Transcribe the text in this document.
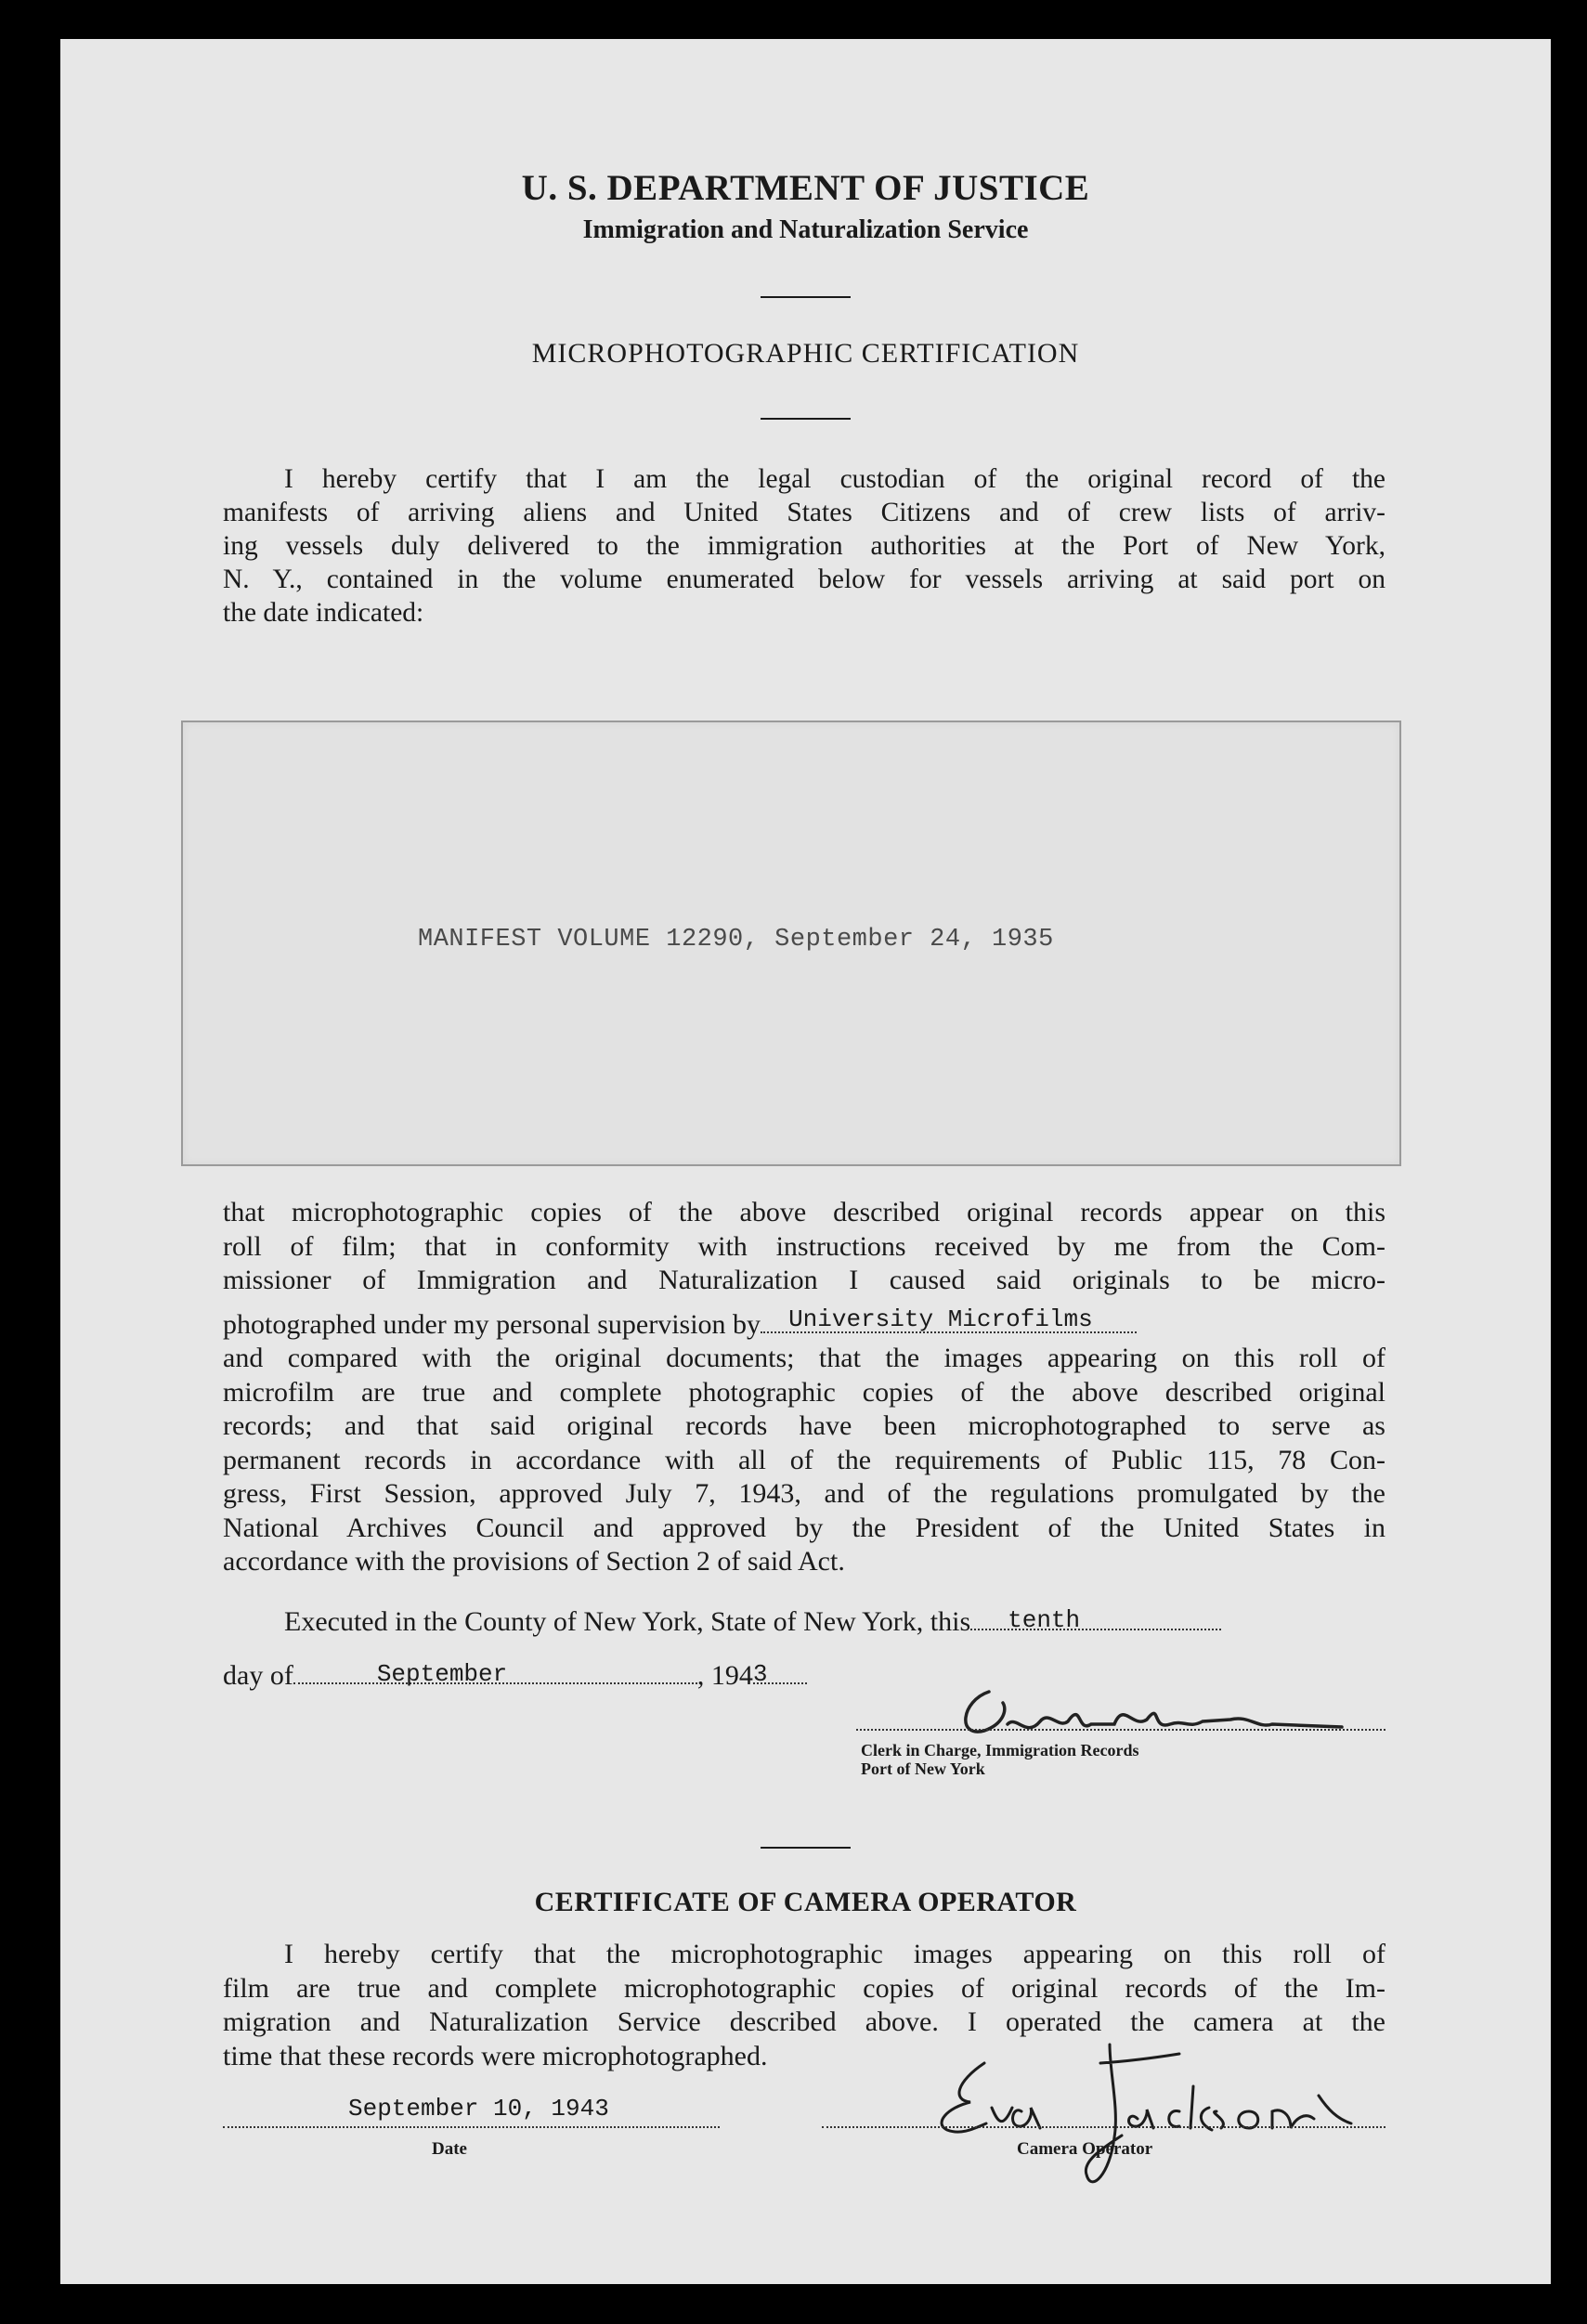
U. S. DEPARTMENT OF JUSTICE
Immigration and Naturalization Service
MICROPHOTOGRAPHIC CERTIFICATION
I hereby certify that I am the legal custodian of the original record of the
manifests of arriving aliens and United States Citizens and of crew lists of arriv-
ing vessels duly delivered to the immigration authorities at the Port of New York,
N. Y., contained in the volume enumerated below for vessels arriving at said port on
the date indicated:
MANIFEST VOLUME 12290, September 24, 1935
that microphotographic copies of the above described original records appear on this
roll of film; that in conformity with instructions received by me from the Com-
missioner of Immigration and Naturalization I caused said originals to be micro-
photographed under my personal supervision by University Microfilms
and compared with the original documents; that the images appearing on this roll of
microfilm are true and complete photographic copies of the above described original
records; and that said original records have been microphotographed to serve as
permanent records in accordance with all of the requirements of Public 115, 78 Con-
gress, First Session, approved July 7, 1943, and of the regulations promulgated by the
National Archives Council and approved by the President of the United States in
accordance with the provisions of Section 2 of said Act.
Executed in the County of New York, State of New York, this tenth
day of	September	, 194 3
Clerk in Charge, Immigration Records
Port of New York
CERTIFICATE OF CAMERA OPERATOR
I hereby certify that the microphotographic images appearing on this roll of
film are true and complete microphotographic copies of original records of the Im-
migration and Naturalization Service described above. I operated the camera at the
time that these records were microphotographed.
September 10, 1943
Date	Camera Operator
